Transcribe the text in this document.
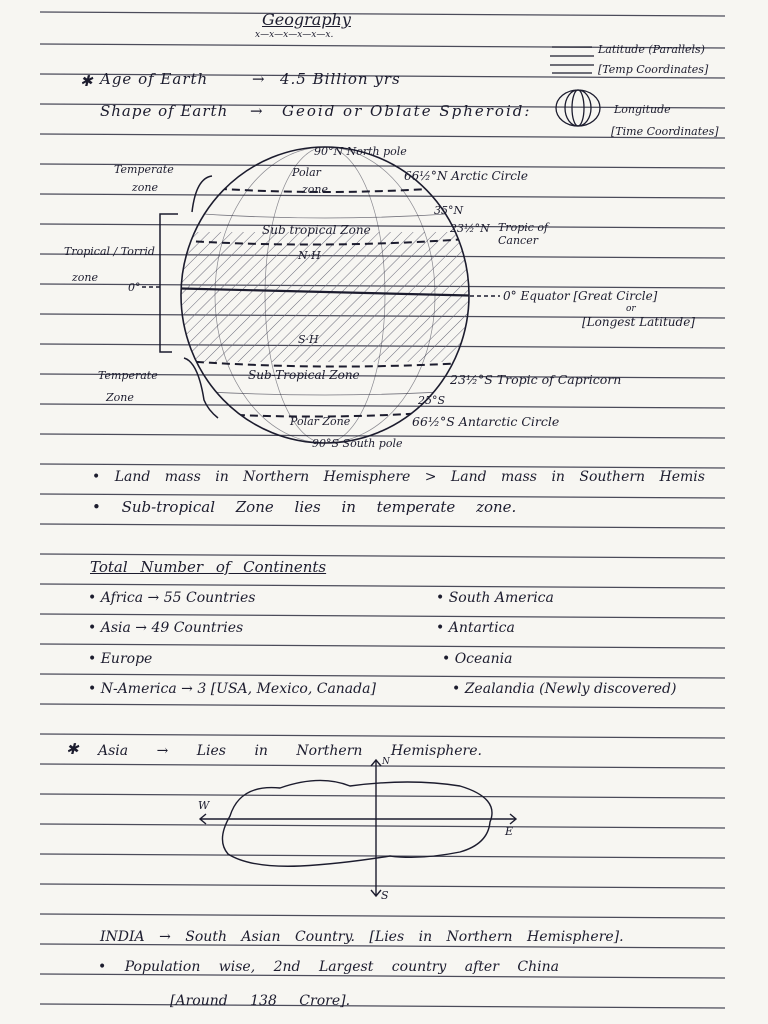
Geography
x—x—x—x—x—x.
Latitude (Parallels)
[Temp Coordinates]
Longitude
[Time Coordinates]
✱ Age of Earth	→ 4.5 Billion yrs
Shape of Earth → Geoid or Oblate Spheroid:
90°N North pole
Polar
zone
66½°N Arctic Circle
35°N
23½°N Tropic of
Cancer
Sub tropical Zone
N·H
S·H
Sub-Tropical Zone	23½°S Tropic of Capricorn
25°S
Polar Zone	66½°S Antarctic Circle
90°S South pole
0°
0° Equator [Great Circle]
or
[Longest Latitude]
Temperate
zone
Tropical / Torrid
zone
Temperate
Zone
• Land mass in Northern Hemisphere > Land mass in Southern Hemis
• Sub-tropical Zone lies in temperate zone.
Total Number of Continents
• Africa → 55 Countries
• Asia → 49 Countries
• Europe
• N-America → 3 [USA, Mexico, Canada]
• South America
• Antartica
• Oceania
• Zealandia (Newly discovered)
✱ Asia → Lies in Northern Hemisphere.
W
E
N
S
INDIA → South Asian Country. [Lies in Northern Hemisphere].
• Population wise, 2nd Largest country after China
[Around 138 Crore].
